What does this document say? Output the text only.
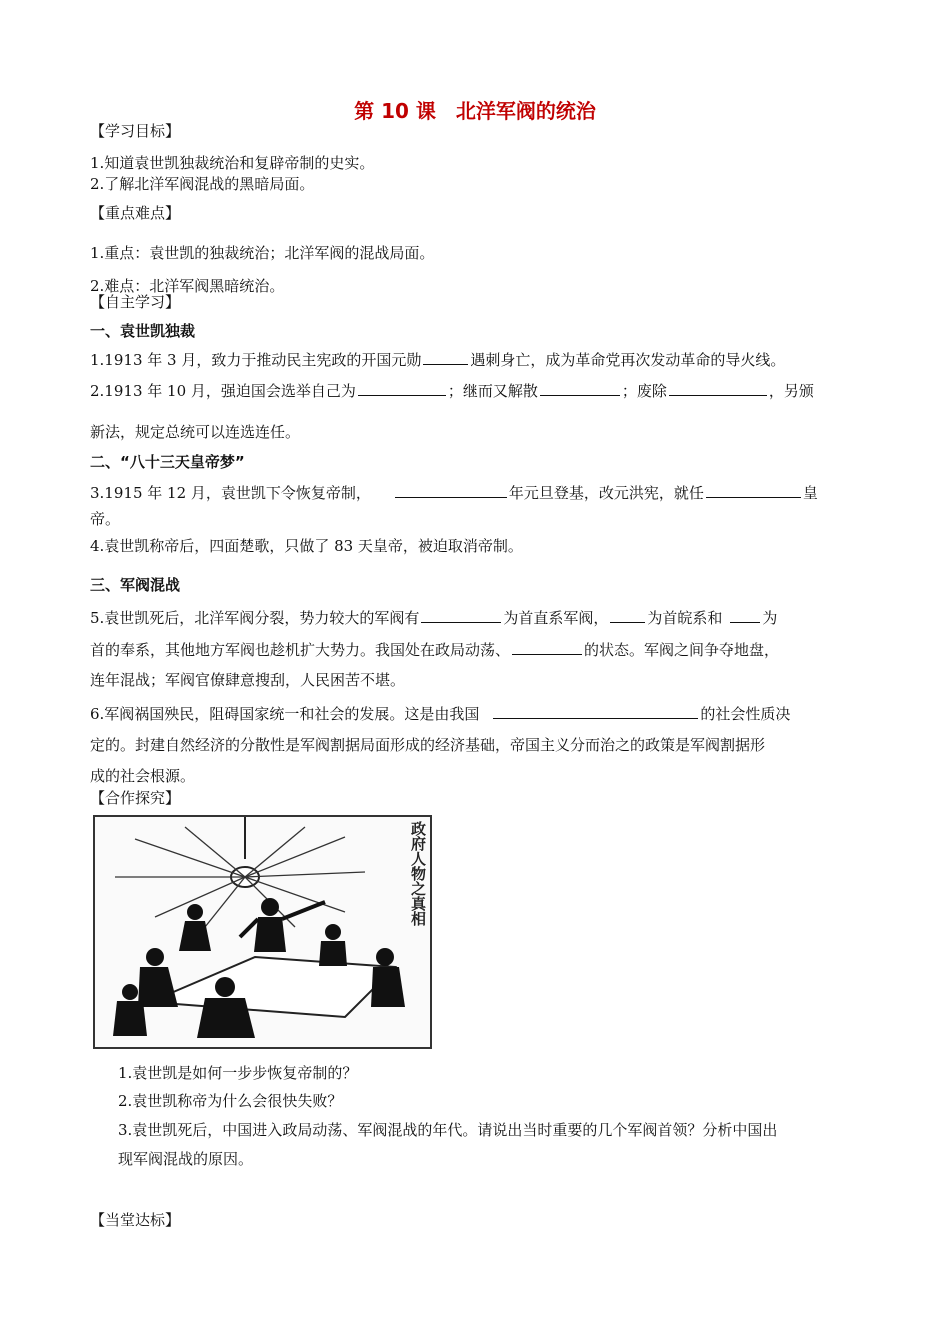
第 10 课　北洋军阀的统治
【学习目标】
1.知道袁世凯独裁统治和复辟帝制的史实。
2.了解北洋军阀混战的黑暗局面。
【重点难点】
1.重点：袁世凯的独裁统治；北洋军阀的混战局面。
2.难点：北洋军阀黑暗统治。
【自主学习】
一、袁世凯独裁
1.1913 年 3 月，致力于推动民主宪政的开国元勋	遇刺身亡，成为革命党再次发动革命的导火线。
2.1913 年 10 月，强迫国会选举自己为	；继而又解散	；废除	，另颁
新法，规定总统可以连选连任。
二、“八十三天皇帝梦”
3.1915 年 12 月，袁世凯下令恢复帝制，	年元旦登基，改元洪宪，就任	皇
帝。
4.袁世凯称帝后，四面楚歌，只做了 83 天皇帝，被迫取消帝制。
三、军阀混战
5.袁世凯死后，北洋军阀分裂，势力较大的军阀有	为首直系军阀，	为首皖系和	为
首的奉系，其他地方军阀也趁机扩大势力。我国处在政局动荡、	的状态。军阀之间争夺地盘，
连年混战；军阀官僚肆意搜刮，人民困苦不堪。
6.军阀祸国殃民，阻碍国家统一和社会的发展。这是由我国	的社会性质决
定的。封建自然经济的分散性是军阀割据局面形成的经济基础，帝国主义分而治之的政策是军阀割据形
成的社会根源。
【合作探究】
政府人物之真相
1.袁世凯是如何一步步恢复帝制的？
2.袁世凯称帝为什么会很快失败？
3.袁世凯死后，中国进入政局动荡、军阀混战的年代。请说出当时重要的几个军阀首领？分析中国出
现军阀混战的原因。
【当堂达标】
